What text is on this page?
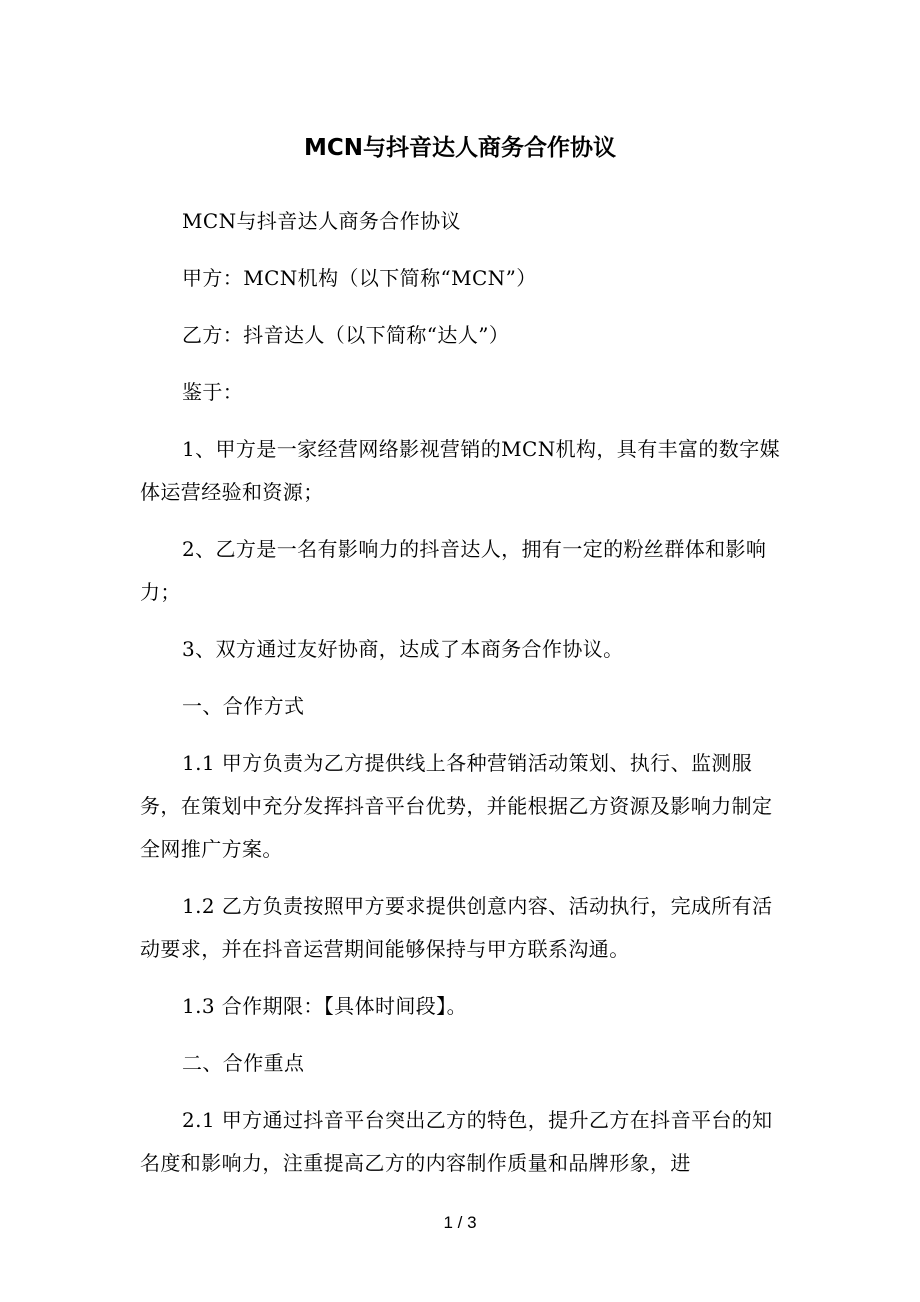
MCN与抖音达人商务合作协议

MCN与抖音达人商务合作协议

甲方：MCN机构（以下简称“MCN”）

乙方：抖音达人（以下简称“达人”）

鉴于：

1、甲方是一家经营网络影视营销的MCN机构，具有丰富的数字媒体运营经验和资源；

2、乙方是一名有影响力的抖音达人，拥有一定的粉丝群体和影响力；

3、双方通过友好协商，达成了本商务合作协议。

一、合作方式

1.1 甲方负责为乙方提供线上各种营销活动策划、执行、监测服务，在策划中充分发挥抖音平台优势，并能根据乙方资源及影响力制定全网推广方案。

1.2 乙方负责按照甲方要求提供创意内容、活动执行，完成所有活动要求，并在抖音运营期间能够保持与甲方联系沟通。

1.3 合作期限：【具体时间段】。

二、合作重点

2.1 甲方通过抖音平台突出乙方的特色，提升乙方在抖音平台的知名度和影响力，注重提高乙方的内容制作质量和品牌形象，进

1 / 3
